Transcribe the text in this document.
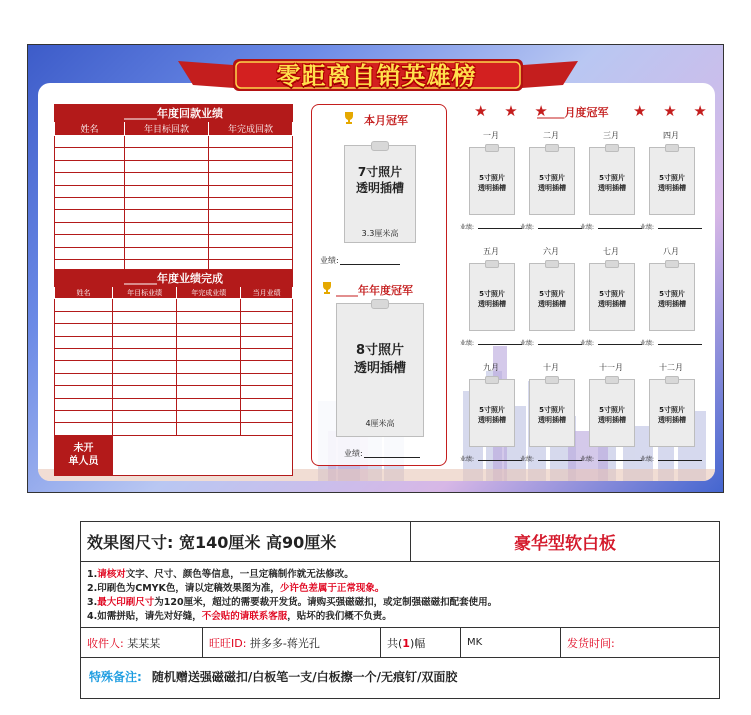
零距离自销英雄榜
______年度回款业绩		
姓名	年目标回款	年完成回款

______年度业绩完成			
姓名	年目标业绩	年完成业绩	当月业绩

未开
单人员			
本月冠军
7寸照片
透明插槽
3.3厘米高
业绩:
____年年度冠军
8寸照片
透明插槽
4厘米高
业绩:
★ ★ ★
_____月度冠军 ★ ★ ★
一月
5寸照片
透明插槽
业绩:
二月
5寸照片
透明插槽
业绩:
三月
5寸照片
透明插槽
业绩:
四月
5寸照片
透明插槽
业绩:
五月
5寸照片
透明插槽
业绩:
六月
5寸照片
透明插槽
业绩:
七月
5寸照片
透明插槽
业绩:
八月
5寸照片
透明插槽
业绩:
九月
5寸照片
透明插槽
业绩:
十月
5寸照片
透明插槽
业绩:
十一月
5寸照片
透明插槽
业绩:
十二月
5寸照片
透明插槽
业绩:
效果图尺寸: 宽140厘米 高90厘米	豪华型软白板
1.请核对文字、尺寸、颜色等信息，一旦定稿制作就无法修改。
2.印刷色为CMYK色，请以定稿效果图为准，少许色差属于正常现象。
3.最大印刷尺寸为120厘米，超过的需要裁开发货。请购买强磁磁扣，或定制强磁磁扣配套使用。
4.如需拼贴，请先对好缝，不会贴的请联系客服，贴坏的我们概不负责。
收件人: 某某某	旺旺ID: 拼多多-蒋光孔	共(1)幅	MK	发货时间:
特殊备注: 随机赠送强磁磁扣/白板笔一支/白板擦一个/无痕钉/双面胶
